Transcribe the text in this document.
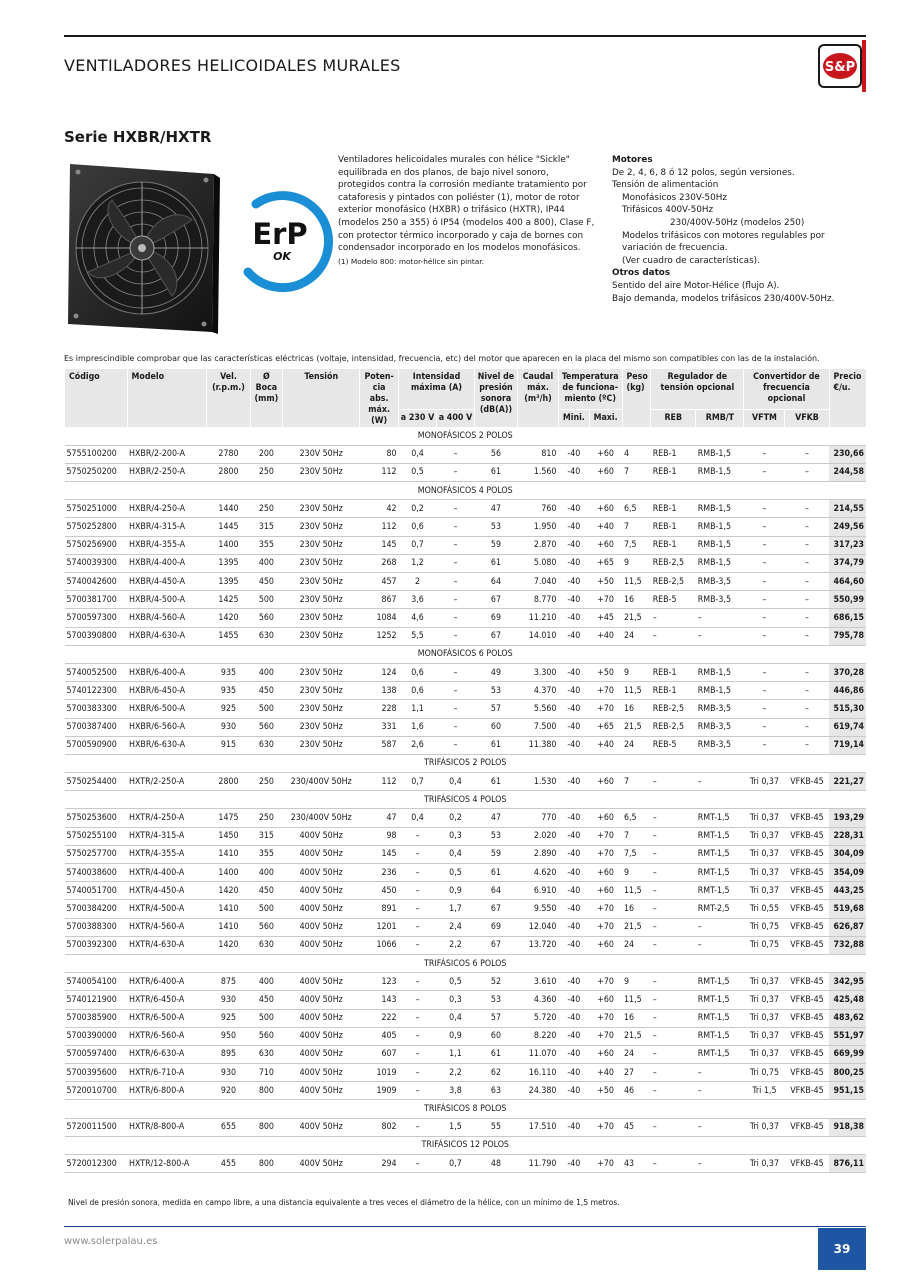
VENTILADORES HELICOIDALES MURALES	S&P
Serie HXBR/HXTR
ErP
OK
Ventiladores helicoidales murales con hélice "Sickle" equilibrada en dos planos, de bajo nivel sonoro, protegidos contra la corrosión mediante tratamiento por cataforesis y pintados con poliéster (1), motor de rotor exterior monofásico (HXBR) o trifásico (HXTR), IP44 (modelos 250 a 355) ó IP54 (modelos 400 a 800), Clase F, con protector térmico incorporado y caja de bornes con condensador incorporado en los modelos monofásicos.
(1) Modelo 800: motor-hélice sin pintar.
Motores
De 2, 4, 6, 8 ó 12 polos, según versiones.
Tensión de alimentación
Monofásicos 230V-50Hz
Trifásicos 400V-50Hz
230/400V-50Hz (modelos 250)
Modelos trifásicos con motores regulables por variación de frecuencia.
(Ver cuadro de características).
Otros datos
Sentido del aire Motor-Hélice (flujo A).
Bajo demanda, modelos trifásicos 230/400V-50Hz.
Es imprescindible comprobar que las características eléctricas (voltaje, intensidad, frecuencia, etc) del motor que aparecen en la placa del mismo son compatibles con las de la instalación.
Código	Modelo	Vel. (r.p.m.)	Ø Boca (mm)	Tensión	Poten- cia abs. máx. (W)	Intensidad máxima (A)		Nivel de presión sonora (dB(A))	Caudal máx. (m³/h)	Temperatura de funciona- miento (ºC)		Peso (kg)	Regulador de tensión opcional		Convertidor de frecuencia opcional		Precio €/u.
						a 230 V	a 400 V			Mini.	Maxi.		REB	RMB/T	VFTM	VFKB	
MONOFÁSICOS 2 POLOS																	
5755100200	HXBR/2-200-A	2780	200	230V 50Hz	80	0,4	–	56	810	-40	+60	4	REB-1	RMB-1,5	–	–	230,66
5750250200	HXBR/2-250-A	2800	250	230V 50Hz	112	0,5	–	61	1.560	-40	+60	7	REB-1	RMB-1,5	–	–	244,58
MONOFÁSICOS 4 POLOS																	
5750251000	HXBR/4-250-A	1440	250	230V 50Hz	42	0,2	–	47	760	-40	+60	6,5	REB-1	RMB-1,5	–	–	214,55
5750252800	HXBR/4-315-A	1445	315	230V 50Hz	112	0,6	–	53	1.950	-40	+40	7	REB-1	RMB-1,5	–	–	249,56
5750256900	HXBR/4-355-A	1400	355	230V 50Hz	145	0,7	–	59	2.870	-40	+60	7,5	REB-1	RMB-1,5	–	–	317,23
5740039300	HXBR/4-400-A	1395	400	230V 50Hz	268	1,2	–	61	5.080	-40	+65	9	REB-2,5	RMB-1,5	–	–	374,79
5740042600	HXBR/4-450-A	1395	450	230V 50Hz	457	2	–	64	7.040	-40	+50	11,5	REB-2,5	RMB-3,5	–	–	464,60
5700381700	HXBR/4-500-A	1425	500	230V 50Hz	867	3,6	–	67	8.770	-40	+70	16	REB-5	RMB-3,5	–	–	550,99
5700597300	HXBR/4-560-A	1420	560	230V 50Hz	1084	4,6	–	69	11.210	-40	+45	21,5	–	–	–	–	686,15
5700390800	HXBR/4-630-A	1455	630	230V 50Hz	1252	5,5	–	67	14.010	-40	+40	24	–	–	–	–	795,78
MONOFÁSICOS 6 POLOS																	
5740052500	HXBR/6-400-A	935	400	230V 50Hz	124	0,6	–	49	3.300	-40	+50	9	REB-1	RMB-1,5	–	–	370,28
5740122300	HXBR/6-450-A	935	450	230V 50Hz	138	0,6	–	53	4.370	-40	+70	11,5	REB-1	RMB-1,5	–	–	446,86
5700383300	HXBR/6-500-A	925	500	230V 50Hz	228	1,1	–	57	5.560	-40	+70	16	REB-2,5	RMB-3,5	–	–	515,30
5700387400	HXBR/6-560-A	930	560	230V 50Hz	331	1,6	–	60	7.500	-40	+65	21,5	REB-2,5	RMB-3,5	–	–	619,74
5700590900	HXBR/6-630-A	915	630	230V 50Hz	587	2,6	–	61	11.380	-40	+40	24	REB-5	RMB-3,5	–	–	719,14
TRIFÁSICOS 2 POLOS																	
5750254400	HXTR/2-250-A	2800	250	230/400V 50Hz	112	0,7	0,4	61	1.530	-40	+60	7	–	–	Tri 0,37	VFKB-45	221,27
TRIFÁSICOS 4 POLOS																	
5750253600	HXTR/4-250-A	1475	250	230/400V 50Hz	47	0,4	0,2	47	770	-40	+60	6,5	–	RMT-1,5	Tri 0,37	VFKB-45	193,29
5750255100	HXTR/4-315-A	1450	315	400V 50Hz	98	–	0,3	53	2.020	-40	+70	7	–	RMT-1,5	Tri 0,37	VFKB-45	228,31
5750257700	HXTR/4-355-A	1410	355	400V 50Hz	145	–	0,4	59	2.890	-40	+70	7,5	–	RMT-1,5	Tri 0,37	VFKB-45	304,09
5740038600	HXTR/4-400-A	1400	400	400V 50Hz	236	–	0,5	61	4.620	-40	+60	9	–	RMT-1,5	Tri 0,37	VFKB-45	354,09
5740051700	HXTR/4-450-A	1420	450	400V 50Hz	450	–	0,9	64	6.910	-40	+60	11,5	–	RMT-1,5	Tri 0,37	VFKB-45	443,25
5700384200	HXTR/4-500-A	1410	500	400V 50Hz	891	–	1,7	67	9.550	-40	+70	16	–	RMT-2,5	Tri 0,55	VFKB-45	519,68
5700388300	HXTR/4-560-A	1410	560	400V 50Hz	1201	–	2,4	69	12.040	-40	+70	21,5	–	–	Tri 0,75	VFKB-45	626,87
5700392300	HXTR/4-630-A	1420	630	400V 50Hz	1066	–	2,2	67	13.720	-40	+60	24	–	–	Tri 0,75	VFKB-45	732,88
TRIFÁSICOS 6 POLOS																	
5740054100	HXTR/6-400-A	875	400	400V 50Hz	123	–	0,5	52	3.610	-40	+70	9	–	RMT-1,5	Tri 0,37	VFKB-45	342,95
5740121900	HXTR/6-450-A	930	450	400V 50Hz	143	–	0,3	53	4.360	-40	+60	11,5	–	RMT-1,5	Tri 0,37	VFKB-45	425,48
5700385900	HXTR/6-500-A	925	500	400V 50Hz	222	–	0,4	57	5.720	-40	+70	16	–	RMT-1,5	Tri 0,37	VFKB-45	483,62
5700390000	HXTR/6-560-A	950	560	400V 50Hz	405	–	0,9	60	8.220	-40	+70	21,5	–	RMT-1,5	Tri 0,37	VFKB-45	551,97
5700597400	HXTR/6-630-A	895	630	400V 50Hz	607	–	1,1	61	11.070	-40	+60	24	–	RMT-1,5	Tri 0,37	VFKB-45	669,99
5700395600	HXTR/6-710-A	930	710	400V 50Hz	1019	–	2,2	62	16.110	-40	+40	27	–	–	Tri 0,75	VFKB-45	800,25
5720010700	HXTR/6-800-A	920	800	400V 50Hz	1909	–	3,8	63	24.380	-40	+50	46	–	–	Tri 1,5	VFKB-45	951,15
TRIFÁSICOS 8 POLOS																	
5720011500	HXTR/8-800-A	655	800	400V 50Hz	802	–	1,5	55	17.510	-40	+70	45	–	–	Tri 0,37	VFKB-45	918,38
TRIFÁSICOS 12 POLOS																	
5720012300	HXTR/12-800-A	455	800	400V 50Hz	294	–	0,7	48	11.790	-40	+70	43	–	–	Tri 0,37	VFKB-45	876,11
Nivel de presión sonora, medida en campo libre, a una distancia equivalente a tres veces el diámetro de la hélice, con un mínimo de 1,5 metros.
www.solerpalau.es
39
